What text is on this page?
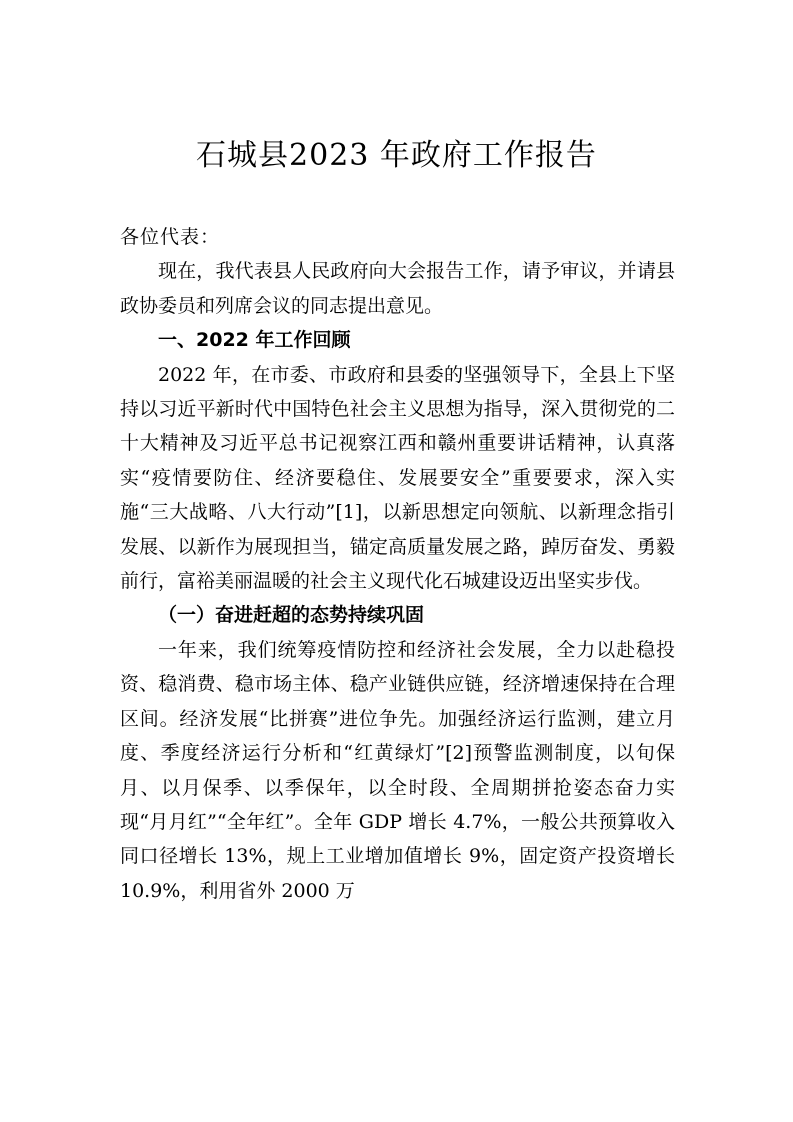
石城县2023 年政府工作报告

各位代表：

现在，我代表县人民政府向大会报告工作，请予审议，并请县政协委员和列席会议的同志提出意见。

一、2022 年工作回顾

2022 年，在市委、市政府和县委的坚强领导下，全县上下坚持以习近平新时代中国特色社会主义思想为指导，深入贯彻党的二十大精神及习近平总书记视察江西和赣州重要讲话精神，认真落实“疫情要防住、经济要稳住、发展要安全”重要要求，深入实施“三大战略、八大行动”[1]，以新思想定向领航、以新理念指引发展、以新作为展现担当，锚定高质量发展之路，踔厉奋发、勇毅前行，富裕美丽温暖的社会主义现代化石城建设迈出坚实步伐。

（一）奋进赶超的态势持续巩固

一年来，我们统筹疫情防控和经济社会发展，全力以赴稳投资、稳消费、稳市场主体、稳产业链供应链，经济增速保持在合理区间。经济发展“比拼赛”进位争先。加强经济运行监测，建立月度、季度经济运行分析和“红黄绿灯”[2]预警监测制度，以旬保月、以月保季、以季保年，以全时段、全周期拼抢姿态奋力实现“月月红”“全年红”。全年 GDP 增长 4.7%，一般公共预算收入同口径增长 13%，规上工业增加值增长 9%，固定资产投资增长 10.9%，利用省外 2000 万
